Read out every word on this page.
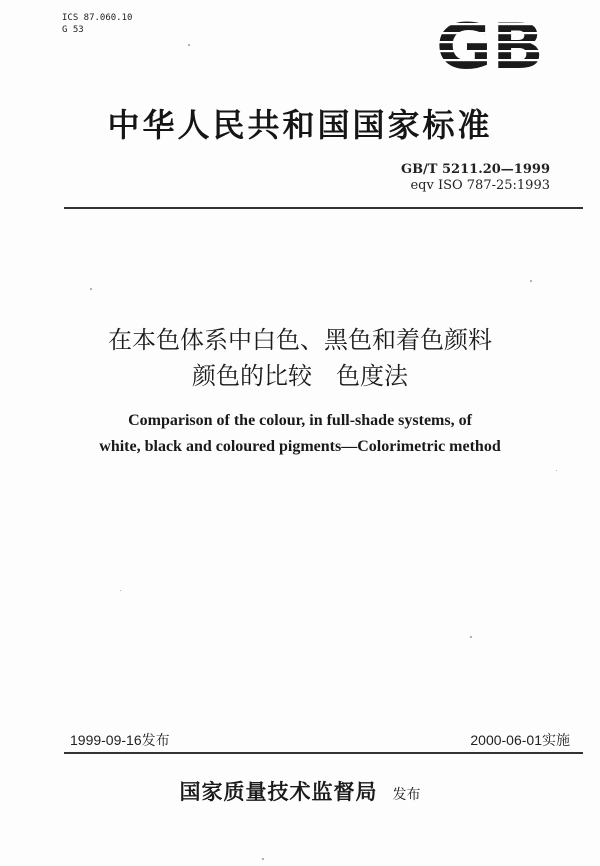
ICS 87.060.10
G 53
中华人民共和国国家标准
GB/T 5211.20—1999
eqv ISO 787-25:1993
在本色体系中白色、黑色和着色颜料
颜色的比较　色度法
Comparison of the colour, in full-shade systems, of
white, black and coloured pigments—Colorimetric method
1999-09-16发布	2000-06-01实施
国家质量技术监督局 发布
